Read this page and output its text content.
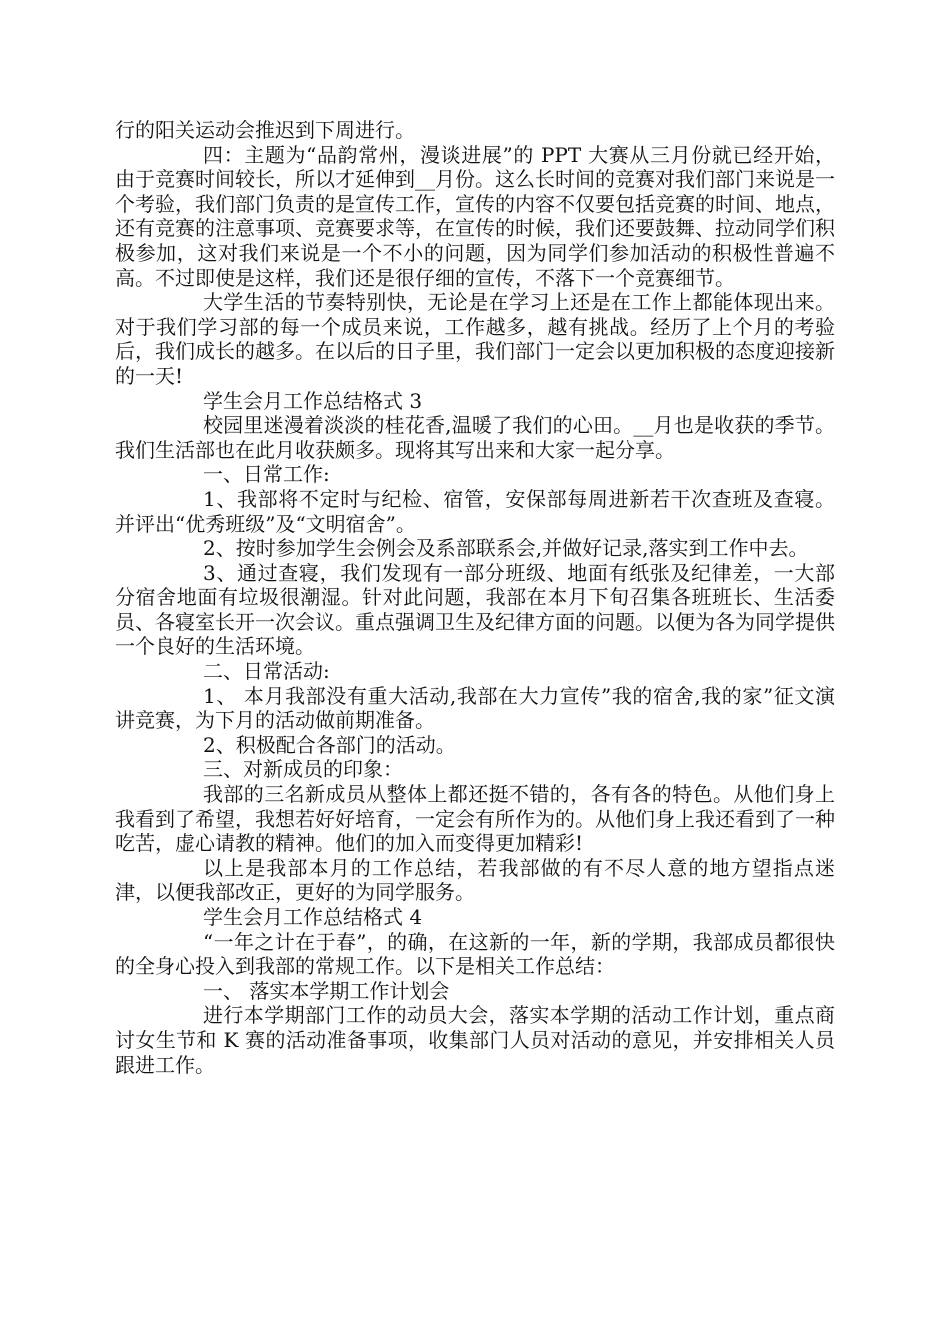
行的阳关运动会推迟到下周进行。

四：主题为“品韵常州，漫谈进展”的 PPT 大赛从三月份就已经开始，由于竞赛时间较长，所以才延伸到__月份。这么长时间的竞赛对我们部门来说是一个考验，我们部门负责的是宣传工作，宣传的内容不仅要包括竞赛的时间、地点，还有竞赛的注意事项、竞赛要求等，在宣传的时候，我们还要鼓舞、拉动同学们积极参加，这对我们来说是一个不小的问题，因为同学们参加活动的积极性普遍不高。不过即使是这样，我们还是很仔细的宣传，不落下一个竞赛细节。

大学生活的节奏特别快，无论是在学习上还是在工作上都能体现出来。对于我们学习部的每一个成员来说，工作越多，越有挑战。经历了上个月的考验后，我们成长的越多。在以后的日子里，我们部门一定会以更加积极的态度迎接新的一天!

学生会月工作总结格式 3

校园里迷漫着淡淡的桂花香,温暖了我们的心田。__月也是收获的季节。我们生活部也在此月收获颇多。现将其写出来和大家一起分享。

一、日常工作:

1、我部将不定时与纪检、宿管，安保部每周进新若干次查班及查寝。并评出“优秀班级”及“文明宿舍”。

2、按时参加学生会例会及系部联系会,并做好记录,落实到工作中去。

3、通过查寝，我们发现有一部分班级、地面有纸张及纪律差，一大部分宿舍地面有垃圾很潮湿。针对此问题，我部在本月下旬召集各班班长、生活委员、各寝室长开一次会议。重点强调卫生及纪律方面的问题。以便为各为同学提供一个良好的生活环境。

二、日常活动:

1、 本月我部没有重大活动,我部在大力宣传”我的宿舍,我的家”征文演讲竞赛，为下月的活动做前期准备。

2、积极配合各部门的活动。

三、对新成员的印象：

我部的三名新成员从整体上都还挺不错的，各有各的特色。从他们身上我看到了希望，我想若好好培育，一定会有所作为的。从他们身上我还看到了一种吃苦，虚心请教的精神。他们的加入而变得更加精彩!

以上是我部本月的工作总结，若我部做的有不尽人意的地方望指点迷津，以便我部改正，更好的为同学服务。

学生会月工作总结格式 4

“一年之计在于春”，的确，在这新的一年，新的学期，我部成员都很快的全身心投入到我部的常规工作。以下是相关工作总结：

一、 落实本学期工作计划会

进行本学期部门工作的动员大会，落实本学期的活动工作计划，重点商讨女生节和 K 赛的活动准备事项，收集部门人员对活动的意见，并安排相关人员跟进工作。
